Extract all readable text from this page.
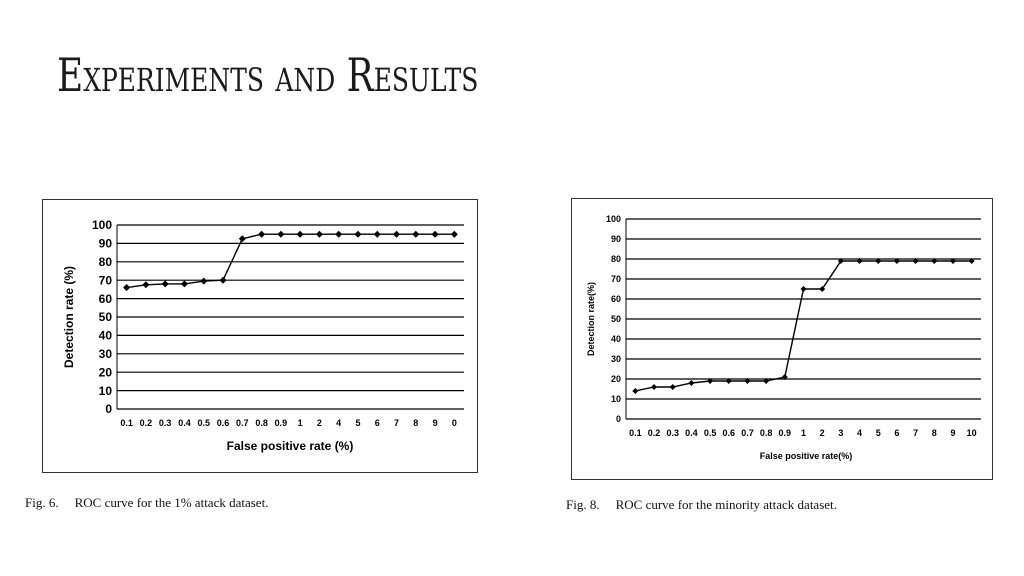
Experiments and Results
0
10
20
30
40
50
60
70
80
90
100
0.1 0.2 0.3 0.4 0.5 0.6 0.7 0.8 0.9 1 2 4 5 6 7 8 9 0
False positive rate (%)
Detection rate (%)
0
10
20
30
40
50
60
70
80
90
100
0.1 0.2 0.3 0.4 0.5 0.6 0.7 0.8 0.9 1 2 3 4 5 6 7 8 9 10
False positive rate(%)
Detection rate(%)
Fig. 6. ROC curve for the 1% attack dataset.	Fig. 8. ROC curve for the minority attack dataset.
